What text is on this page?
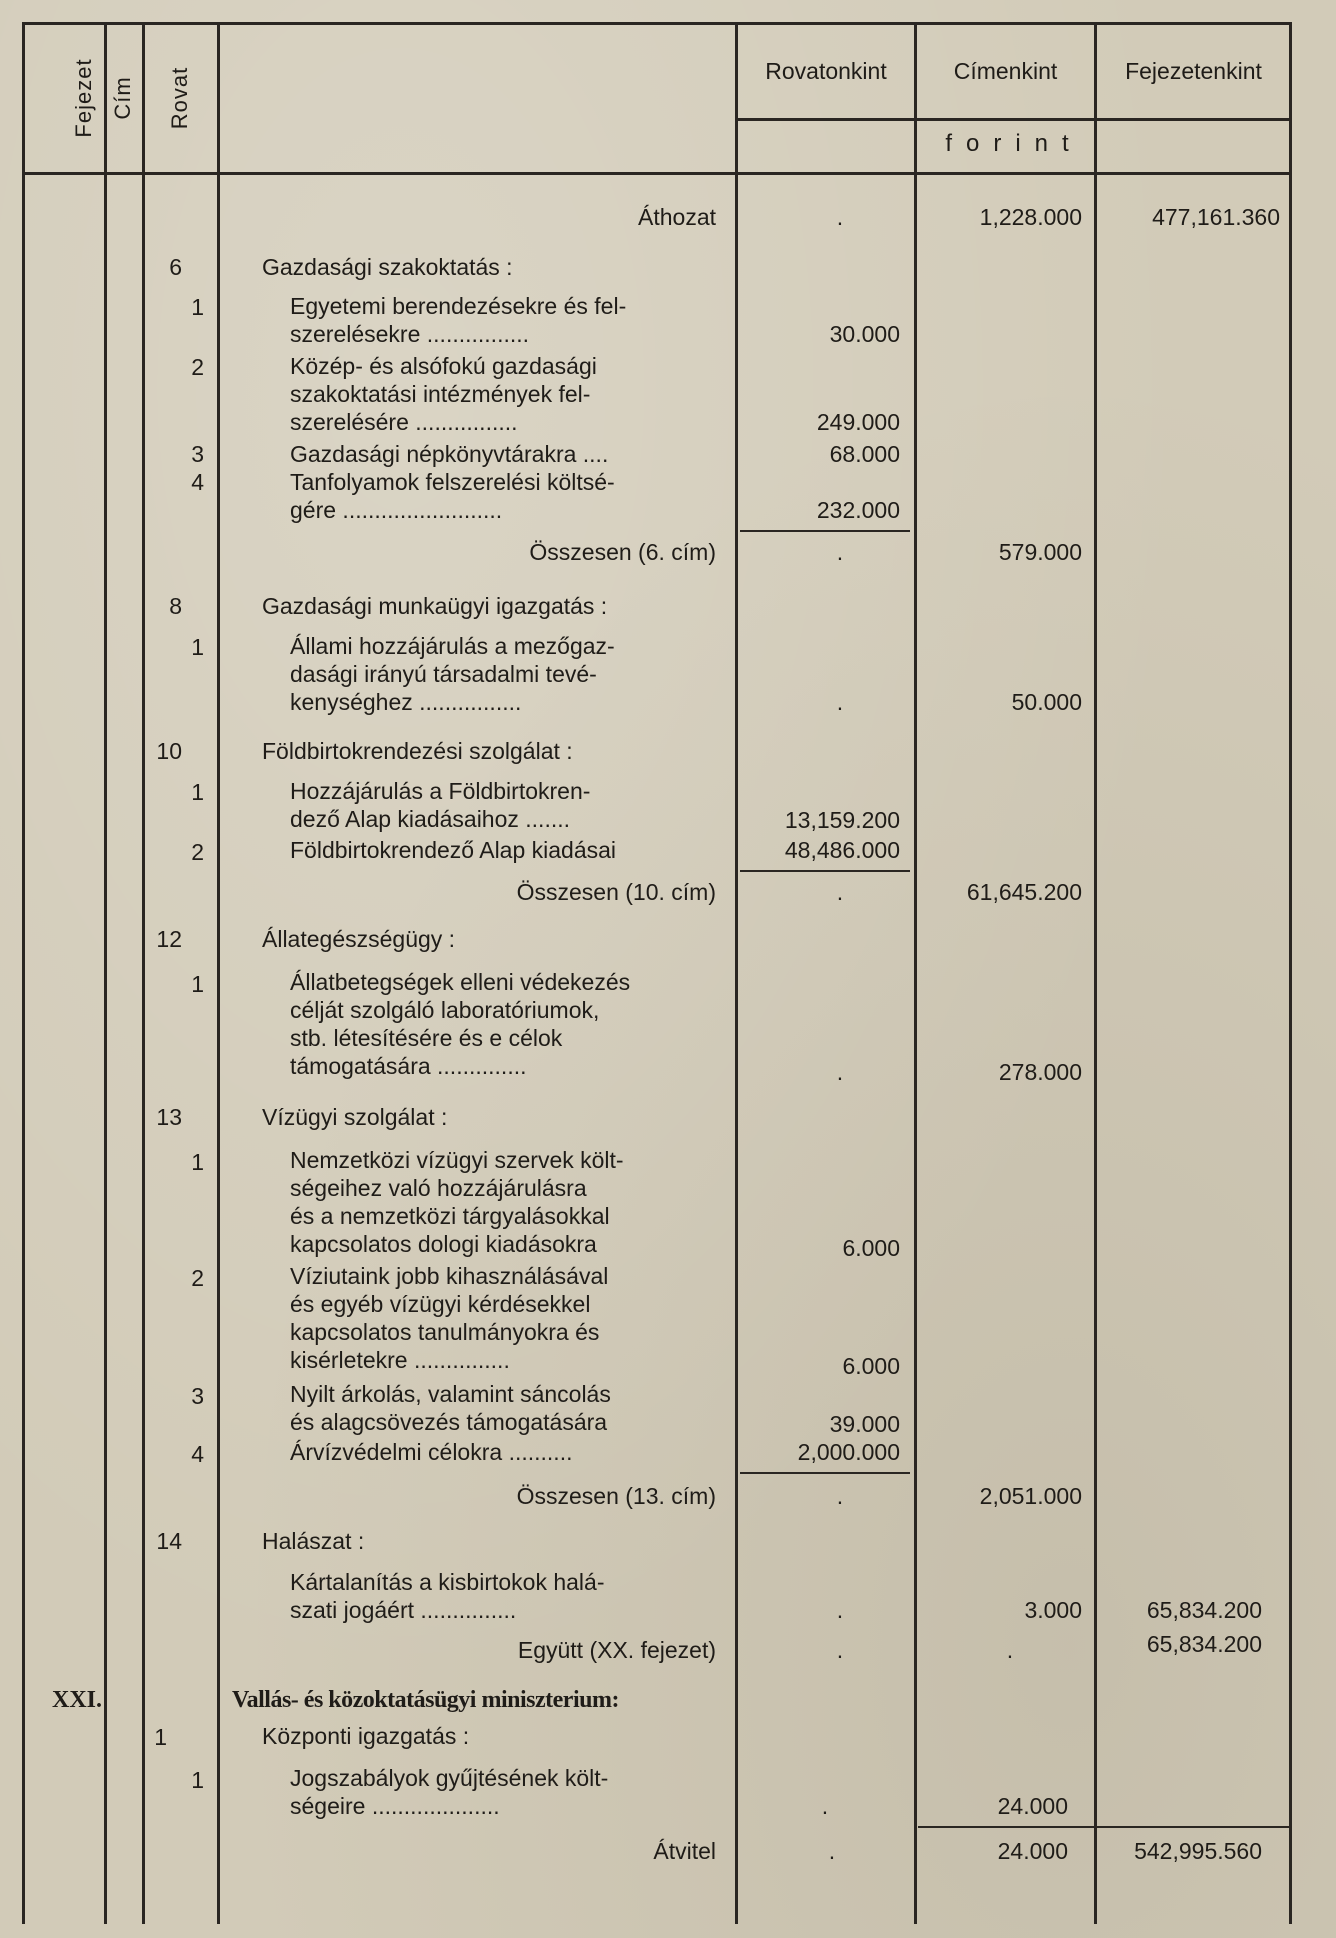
Fejezet Cím Rovat	Rovatonkint	Címenkint	Fejezetenkint
forint
Áthozat	.	1,228.000	477,161.360
6	Gazdasági szakoktatás :
1	Egyetemi berendezésekre és fel-
szerelésekre ................	30.000
2	Közép- és alsófokú gazdasági
szakoktatási intézmények fel-
szerelésére ................	249.000
3	Gazdasági népkönyvtárakra ....	68.000
4	Tanfolyamok felszerelési költsé-
gére .........................	232.000
Összesen (6. cím)	.	579.000
8	Gazdasági munkaügyi igazgatás :
1	Állami hozzájárulás a mezőgaz-
dasági irányú társadalmi tevé-
kenységhez ................	.	50.000
10	Földbirtokrendezési szolgálat :
1	Hozzájárulás a Földbirtokren-
dező Alap kiadásaihoz .......	13,159.200
2	Földbirtokrendező Alap kiadásai	48,486.000
Összesen (10. cím)	.	61,645.200
12	Állategészségügy :
1	Állatbetegségek elleni védekezés
célját szolgáló laboratóriumok,
stb. létesítésére és e célok
támogatására ..............	.	278.000
13	Vízügyi szolgálat :
1	Nemzetközi vízügyi szervek költ-
ségeihez való hozzájárulásra
és a nemzetközi tárgyalásokkal
kapcsolatos dologi kiadásokra	6.000
2	Víziutaink jobb kihasználásával
és egyéb vízügyi kérdésekkel
kapcsolatos tanulmányokra és
kisérletekre ...............	6.000
3	Nyilt árkolás, valamint sáncolás
és alagcsövezés támogatására	39.000
4	Árvízvédelmi célokra ..........	2,000.000
Összesen (13. cím)	.	2,051.000
14	Halászat :
Kártalanítás a kisbirtokok halá-
szati jogáért ...............	.	3.000	65,834.200
Együtt (XX. fejezet)	.	.	65,834.200
XXI.	Vallás- és közoktatásügyi miniszterium:
1	Központi igazgatás :
1	Jogszabályok gyűjtésének költ-
ségeire ....................	.	24.000
Átvitel	.	24.000	542,995.560
